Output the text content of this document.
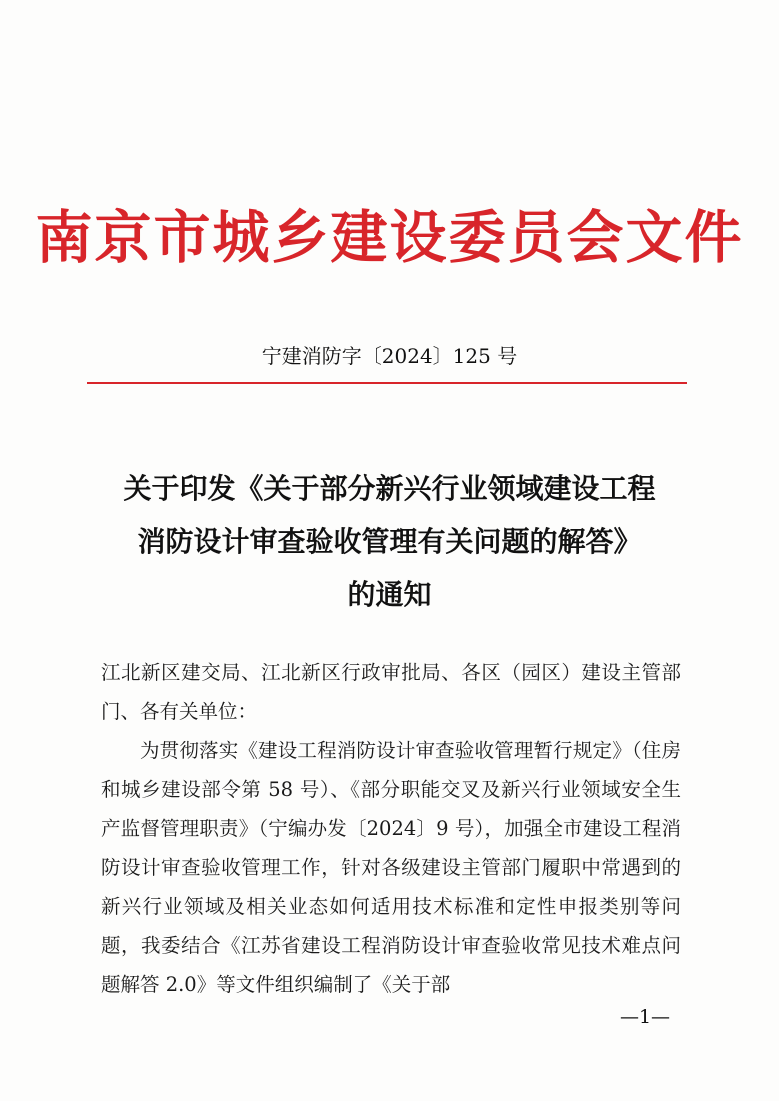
南京市城乡建设委员会文件
宁建消防字〔2024〕125 号
关于印发《关于部分新兴行业领域建设工程
消防设计审查验收管理有关问题的解答》
的通知

江北新区建交局、江北新区行政审批局、各区（园区）建设主管部门、各有关单位：

为贯彻落实《建设工程消防设计审查验收管理暂行规定》（住房和城乡建设部令第 58 号）、《部分职能交叉及新兴行业领域安全生产监督管理职责》（宁编办发〔2024〕9 号），加强全市建设工程消防设计审查验收管理工作，针对各级建设主管部门履职中常遇到的新兴行业领域及相关业态如何适用技术标准和定性申报类别等问题，我委结合《江苏省建设工程消防设计审查验收常见技术难点问题解答 2.0》等文件组织编制了《关于部

—1—
